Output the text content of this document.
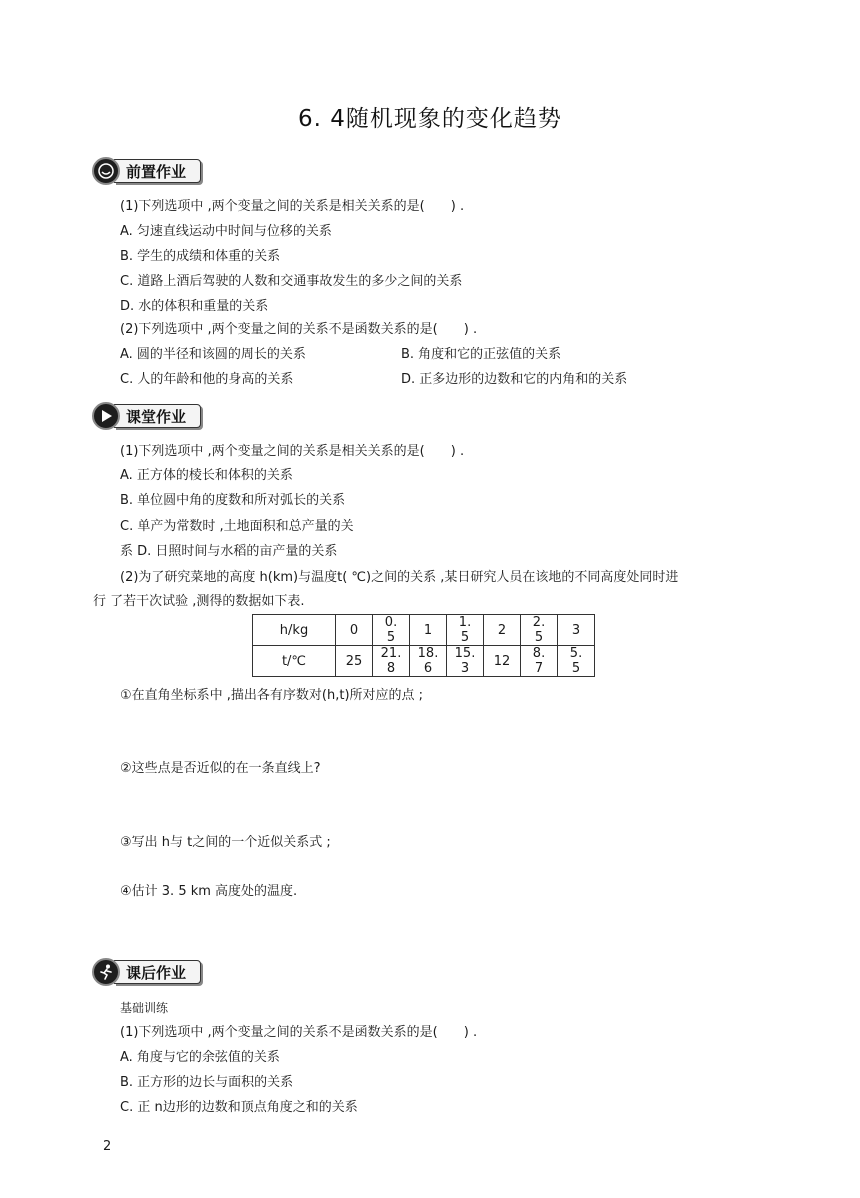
6. 4随机现象的变化趋势
前置作业
(1)下列选项中 ,两个变量之间的关系是相关关系的是(　　) .
A. 匀速直线运动中时间与位移的关系
B. 学生的成绩和体重的关系
C. 道路上酒后驾驶的人数和交通事故发生的多少之间的关系
D. 水的体积和重量的关系
(2)下列选项中 ,两个变量之间的关系不是函数关系的是(　　) .
A. 圆的半径和该圆的周长的关系	B. 角度和它的正弦值的关系
C. 人的年龄和他的身高的关系	D. 正多边形的边数和它的内角和的关系
课堂作业
(1)下列选项中 ,两个变量之间的关系是相关关系的是(　　) .
A. 正方体的棱长和体积的关系
B. 单位圆中角的度数和所对弧长的关系
C. 单产为常数时 ,土地面积和总产量的关
系 D. 日照时间与水稻的亩产量的关系
(2)为了研究菜地的高度 h(km)与温度t( ℃)之间的关系 ,某日研究人员在该地的不同高度处同时进
行 了若干次试验 ,测得的数据如下表.
h/kg	0	0. 5	1	1. 5	2	2. 5	3
t/℃	25	21. 8	18. 6	15. 3	12	8. 7	5. 5
①在直角坐标系中 ,描出各有序数对(h,t)所对应的点 ;
②这些点是否近似的在一条直线上?
③写出 h与 t之间的一个近似关系式 ;
④估计 3. 5 km 高度处的温度.
课后作业
基础训练
(1)下列选项中 ,两个变量之间的关系不是函数关系的是(　　) .
A. 角度与它的余弦值的关系
B. 正方形的边长与面积的关系
C. 正 n边形的边数和顶点角度之和的关系
2
